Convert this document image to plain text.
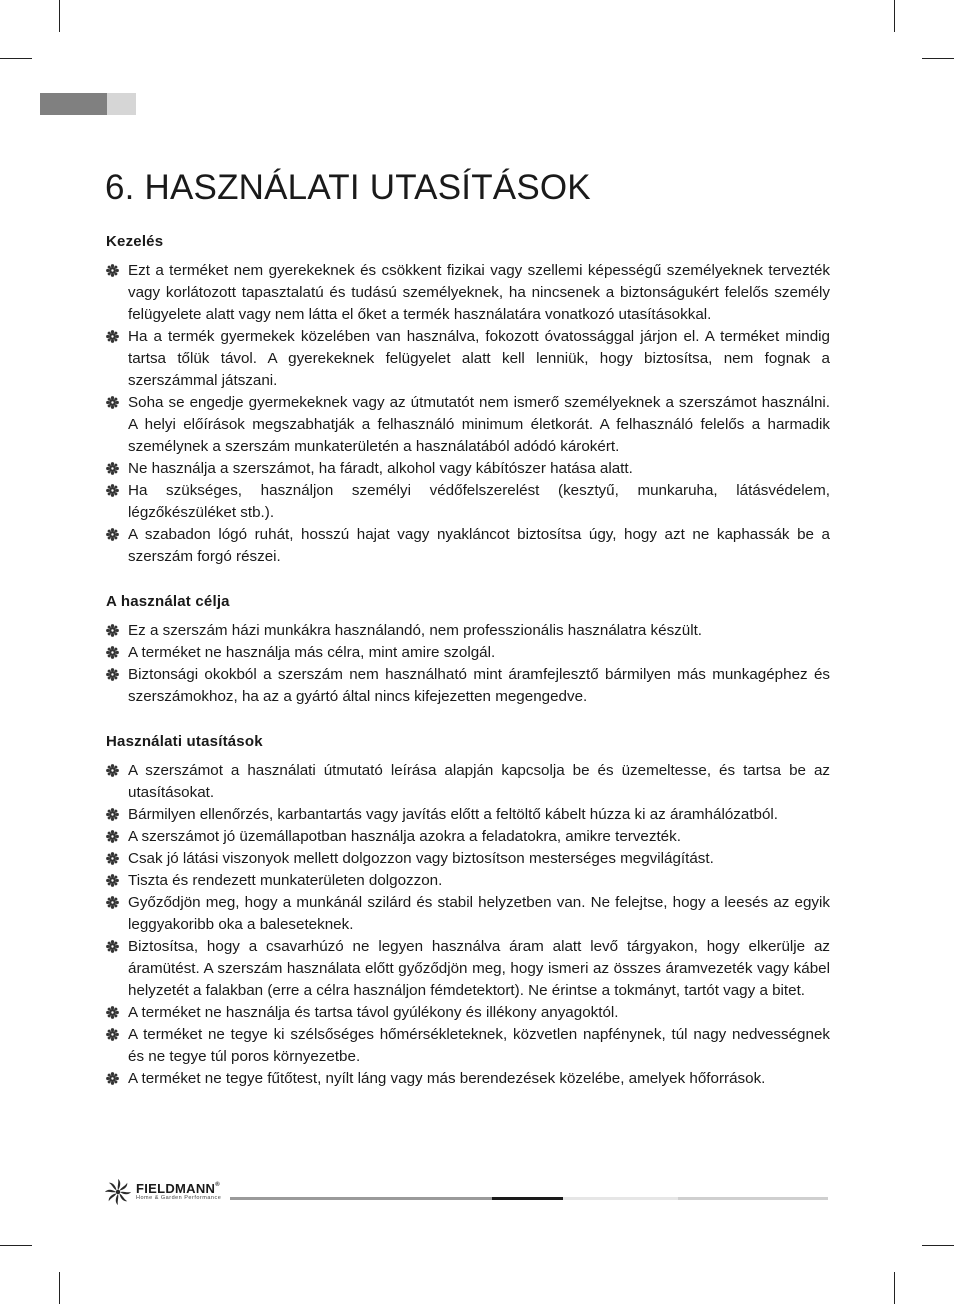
6. HASZNÁLATI UTASÍTÁSOK
Kezelés
Ezt a terméket nem gyerekeknek és csökkent fizikai vagy szellemi képességű személyeknek tervezték vagy korlátozott tapasztalatú és tudású személyeknek, ha nincsenek a biztonságukért felelős személy felügyelete alatt vagy nem látta el őket a termék használatára vonatkozó utasításokkal.
Ha a termék gyermekek közelében van használva, fokozott óvatossággal járjon el. A terméket mindig tartsa tőlük távol. A gyerekeknek felügyelet alatt kell lenniük, hogy biztosítsa, nem fognak a szerszámmal játszani.
Soha se engedje gyermekeknek vagy az útmutatót nem ismerő személyeknek a szerszámot használni. A helyi előírások megszabhatják a felhasználó minimum életkorát. A felhasználó felelős a harmadik személynek a szerszám munkaterületén a használatából adódó károkért.
Ne használja a szerszámot, ha fáradt, alkohol vagy kábítószer hatása alatt.
Ha szükséges, használjon személyi védőfelszerelést (kesztyű, munkaruha, látásvédelem, légzőkészüléket stb.).
A szabadon lógó ruhát, hosszú hajat vagy nyakláncot biztosítsa úgy, hogy azt ne kaphassák be a szerszám forgó részei.
A használat célja
Ez a szerszám házi munkákra használandó, nem professzionális használatra készült.
A terméket ne használja más célra, mint amire szolgál.
Biztonsági okokból a szerszám nem használható mint áramfejlesztő bármilyen más munkagéphez és szerszámokhoz, ha az a gyártó által nincs kifejezetten megengedve.
Használati utasítások
A szerszámot a használati útmutató leírása alapján kapcsolja be és üzemeltesse, és tartsa be az utasításokat.
Bármilyen ellenőrzés, karbantartás vagy javítás előtt a feltöltő kábelt húzza ki az áramhálózatból.
A szerszámot jó üzemállapotban használja azokra a feladatokra, amikre tervezték.
Csak jó látási viszonyok mellett dolgozzon vagy biztosítson mesterséges megvilágítást.
Tiszta és rendezett munkaterületen dolgozzon.
Győződjön meg, hogy a munkánál szilárd és stabil helyzetben van. Ne felejtse, hogy a leesés az egyik leggyakoribb oka a baleseteknek.
Biztosítsa, hogy a csavarhúzó ne legyen használva áram alatt levő tárgyakon, hogy elkerülje az áramütést. A szerszám használata előtt győződjön meg, hogy ismeri az összes áramvezeték vagy kábel helyzetét a falakban (erre a célra használjon fémdetektort). Ne érintse a tokmányt, tartót vagy a bitet.
A terméket ne használja és tartsa távol gyúlékony és illékony anyagoktól.
A terméket ne tegye ki szélsőséges hőmérsékleteknek, közvetlen napfénynek, túl nagy nedvességnek és ne tegye túl poros környezetbe.
A terméket ne tegye fűtőtest, nyílt láng vagy más berendezések közelébe, amelyek hőforrások.
FIELDMANN®
Home & Garden Performance
